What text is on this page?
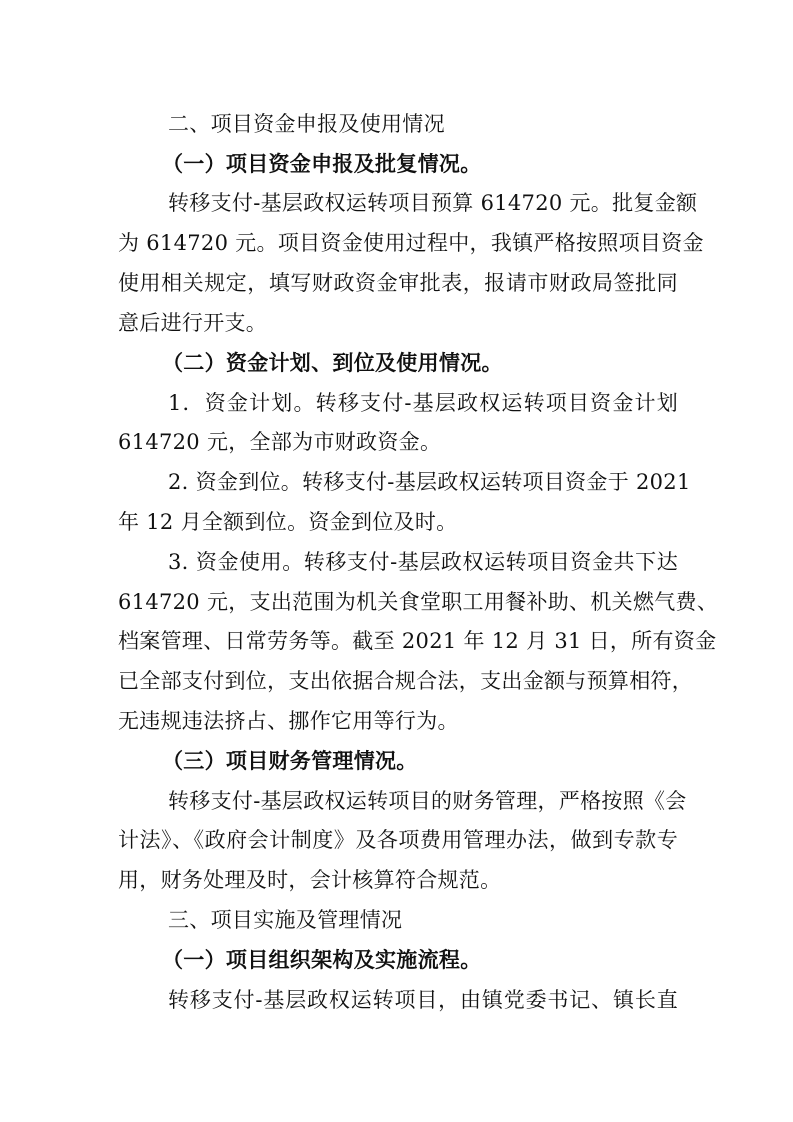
二、项目资金申报及使用情况
（一）项目资金申报及批复情况。
转移支付-基层政权运转项目预算 614720 元。批复金额
为 614720 元。项目资金使用过程中，我镇严格按照项目资金
使用相关规定，填写财政资金审批表，报请市财政局签批同
意后进行开支。
（二）资金计划、到位及使用情况。
1．资金计划。转移支付-基层政权运转项目资金计划
614720 元，全部为市财政资金。
2. 资金到位。转移支付-基层政权运转项目资金于 2021
年 12 月全额到位。资金到位及时。
3. 资金使用。转移支付-基层政权运转项目资金共下达
614720 元，支出范围为机关食堂职工用餐补助、机关燃气费、
档案管理、日常劳务等。截至 2021 年 12 月 31 日，所有资金
已全部支付到位，支出依据合规合法，支出金额与预算相符，
无违规违法挤占、挪作它用等行为。
（三）项目财务管理情况。
转移支付-基层政权运转项目的财务管理，严格按照《会
计法》、《政府会计制度》及各项费用管理办法，做到专款专
用，财务处理及时，会计核算符合规范。
三、项目实施及管理情况
（一）项目组织架构及实施流程。
转移支付-基层政权运转项目，由镇党委书记、镇长直
